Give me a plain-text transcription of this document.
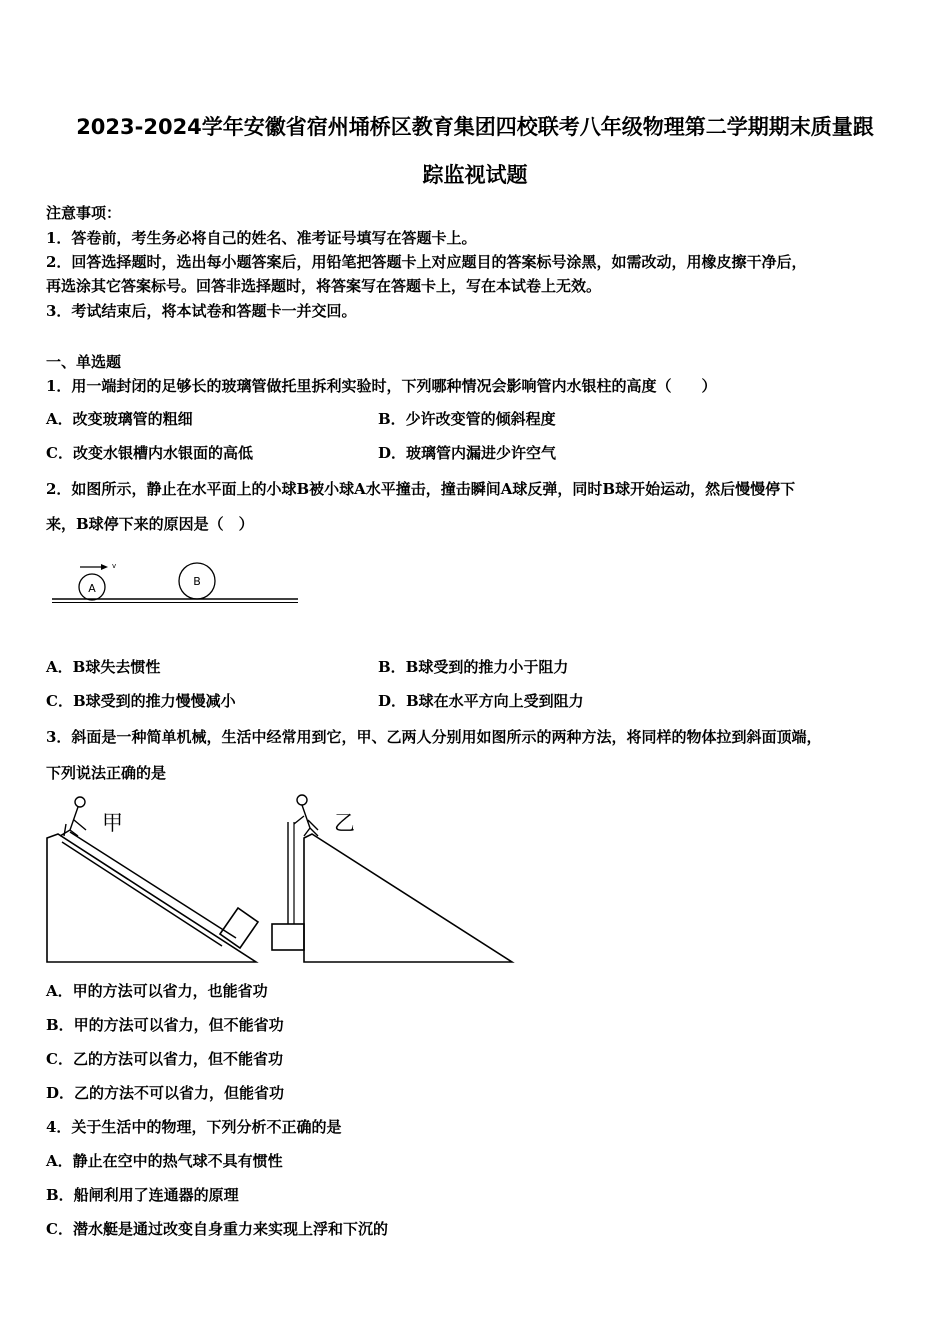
2023-2024学年安徽省宿州埇桥区教育集团四校联考八年级物理第二学期期末质量跟
踪监视试题
注意事项：
1．答卷前，考生务必将自己的姓名、准考证号填写在答题卡上。
2．回答选择题时，选出每小题答案后，用铅笔把答题卡上对应题目的答案标号涂黑，如需改动，用橡皮擦干净后，
再选涂其它答案标号。回答非选择题时，将答案写在答题卡上，写在本试卷上无效。
3．考试结束后，将本试卷和答题卡一并交回。
一、单选题
1．用一端封闭的足够长的玻璃管做托里拆利实验时，下列哪种情况会影响管内水银柱的高度（　　）
A．改变玻璃管的粗细	B．少许改变管的倾斜程度
C．改变水银槽内水银面的高低	D．玻璃管内漏进少许空气
2．如图所示，静止在水平面上的小球B被小球A水平撞击，撞击瞬间A球反弹，同时B球开始运动，然后慢慢停下
来，B球停下来的原因是（　）
A
B
v
A．B球失去惯性	B．B球受到的推力小于阻力
C．B球受到的推力慢慢减小	D．B球在水平方向上受到阻力
3．斜面是一种简单机械，生活中经常用到它，甲、乙两人分别用如图所示的两种方法，将同样的物体拉到斜面顶端，
下列说法正确的是
甲	乙
A．甲的方法可以省力，也能省功
B．甲的方法可以省力，但不能省功
C．乙的方法可以省力，但不能省功
D．乙的方法不可以省力，但能省功
4．关于生活中的物理，下列分析不正确的是
A．静止在空中的热气球不具有惯性
B．船闸利用了连通器的原理
C．潜水艇是通过改变自身重力来实现上浮和下沉的
